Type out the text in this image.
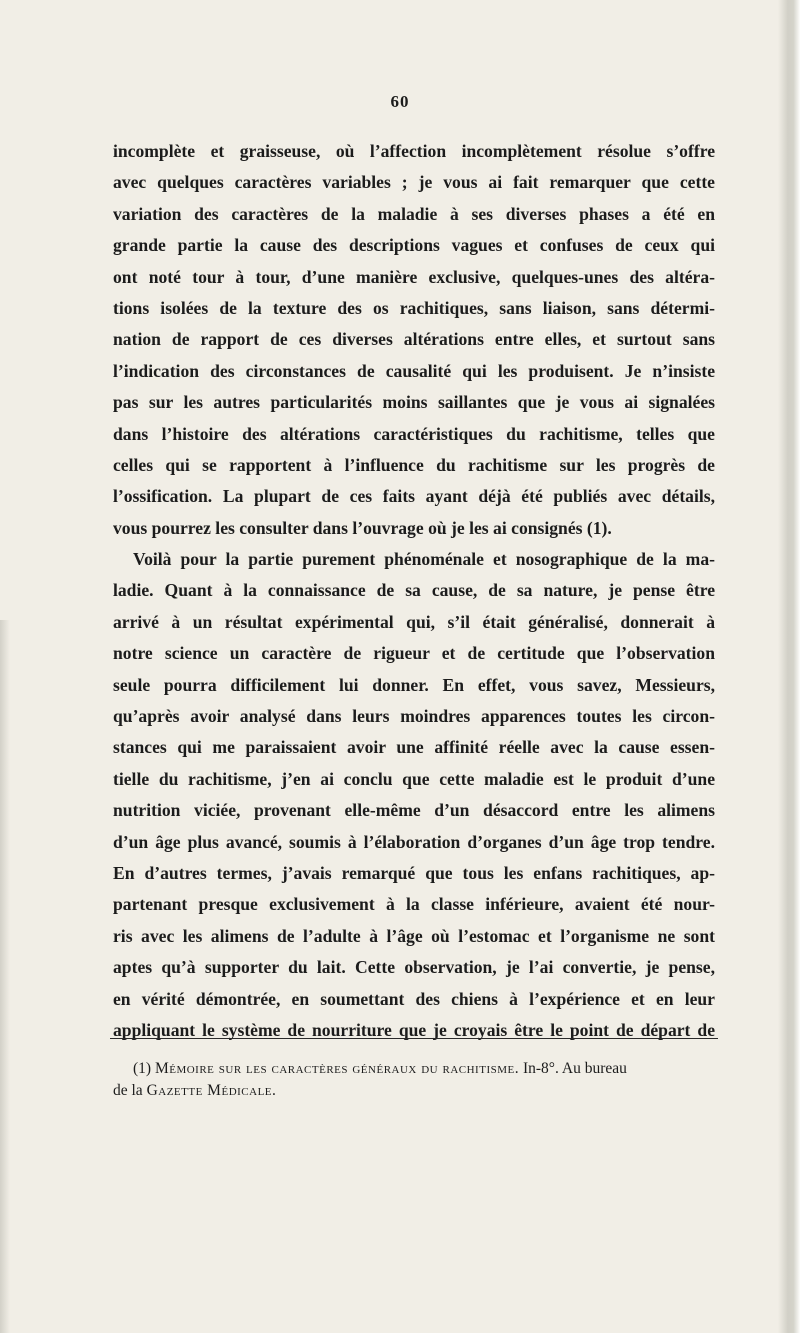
60
incomplète et graisseuse, où l’affection incomplètement résolue s’offre
avec quelques caractères variables ; je vous ai fait remarquer que cette
variation des caractères de la maladie à ses diverses phases a été en
grande partie la cause des descriptions vagues et confuses de ceux qui
ont noté tour à tour, d’une manière exclusive, quelques-unes des altéra-
tions isolées de la texture des os rachitiques, sans liaison, sans détermi-
nation de rapport de ces diverses altérations entre elles, et surtout sans
l’indication des circonstances de causalité qui les produisent. Je n’insiste
pas sur les autres particularités moins saillantes que je vous ai signalées
dans l’histoire des altérations caractéristiques du rachitisme, telles que
celles qui se rapportent à l’influence du rachitisme sur les progrès de
l’ossification. La plupart de ces faits ayant déjà été publiés avec détails,
vous pourrez les consulter dans l’ouvrage où je les ai consignés (1).
Voilà pour la partie purement phénoménale et nosographique de la ma-
ladie. Quant à la connaissance de sa cause, de sa nature, je pense être
arrivé à un résultat expérimental qui, s’il était généralisé, donnerait à
notre science un caractère de rigueur et de certitude que l’observation
seule pourra difficilement lui donner. En effet, vous savez, Messieurs,
qu’après avoir analysé dans leurs moindres apparences toutes les circon-
stances qui me paraissaient avoir une affinité réelle avec la cause essen-
tielle du rachitisme, j’en ai conclu que cette maladie est le produit d’une
nutrition viciée, provenant elle-même d’un désaccord entre les alimens
d’un âge plus avancé, soumis à l’élaboration d’organes d’un âge trop tendre.
En d’autres termes, j’avais remarqué que tous les enfans rachitiques, ap-
partenant presque exclusivement à la classe inférieure, avaient été nour-
ris avec les alimens de l’adulte à l’âge où l’estomac et l’organisme ne sont
aptes qu’à supporter du lait. Cette observation, je l’ai convertie, je pense,
en vérité démontrée, en soumettant des chiens à l’expérience et en leur
appliquant le système de nourriture que je croyais être le point de départ de
(1) Mémoire sur les caractères généraux du rachitisme. In-8°. Au bureau
de la Gazette Médicale.
